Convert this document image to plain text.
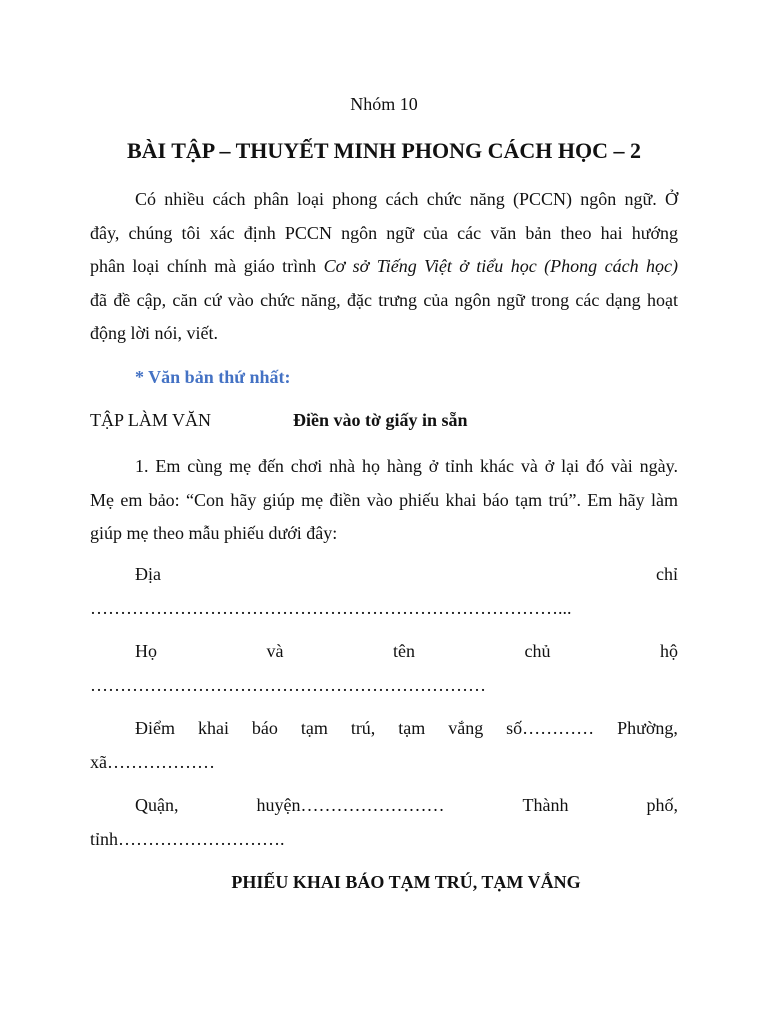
Nhóm 10
BÀI TẬP – THUYẾT MINH PHONG CÁCH HỌC – 2
Có nhiều cách phân loại phong cách chức năng (PCCN) ngôn ngữ. Ở
đây, chúng tôi xác định PCCN ngôn ngữ của các văn bản theo hai hướng
phân loại chính mà giáo trình Cơ sở Tiếng Việt ở tiểu học (Phong cách học)
đã đề cập, căn cứ vào chức năng, đặc trưng của ngôn ngữ trong các dạng hoạt
động lời nói, viết.
* Văn bản thứ nhất:
TẬP LÀM VĂN	Điền vào tờ giấy in sẵn
1. Em cùng mẹ đến chơi nhà họ hàng ở tỉnh khác và ở lại đó vài ngày.
Mẹ em bảo: “Con hãy giúp mẹ điền vào phiếu khai báo tạm trú”. Em hãy làm
giúp mẹ theo mẫu phiếu dưới đây:
Địa	chỉ
……………………………………………………………………...
Họ	và	tên	chủ	hộ
…………………………………………………………
Điểm khai báo tạm trú, tạm vắng số………… Phường,
xã………………
Quận,	huyện……………………	Thành	phố,
tỉnh……………………….
PHIẾU KHAI BÁO TẠM TRÚ, TẠM VẮNG
